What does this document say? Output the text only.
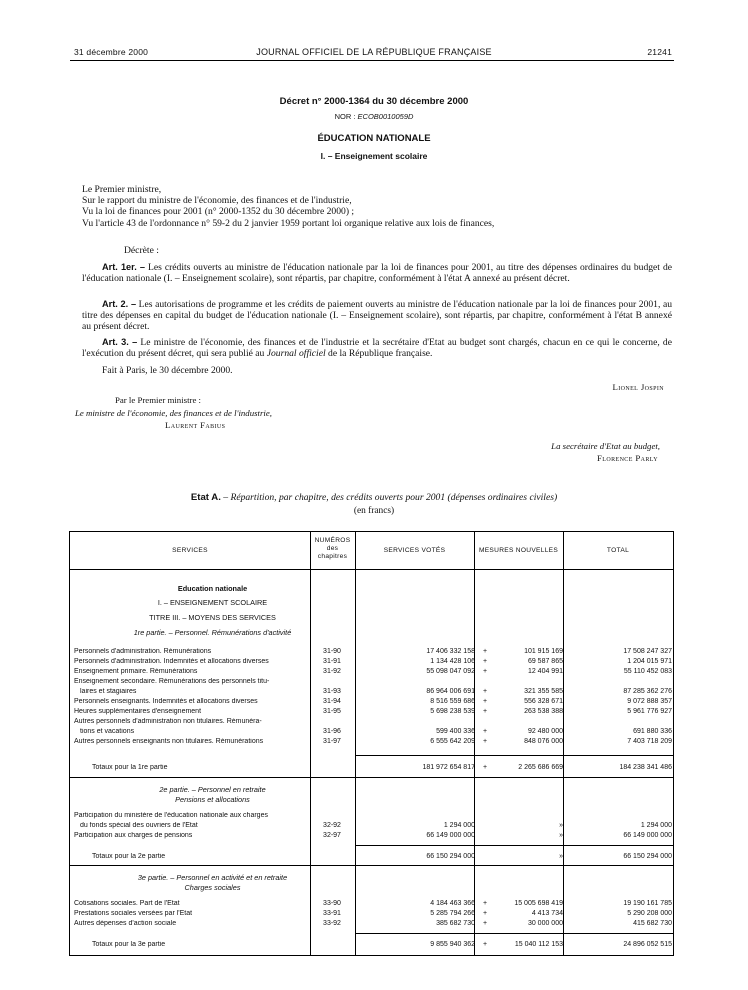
31 décembre 2000	JOURNAL OFFICIEL DE LA RÉPUBLIQUE FRANÇAISE	21241
Décret n° 2000-1364 du 30 décembre 2000
NOR : ECOB0010059D
ÉDUCATION NATIONALE
I. – Enseignement scolaire

Le Premier ministre,

Sur le rapport du ministre de l'économie, des finances et de l'industrie,

Vu la loi de finances pour 2001 (n° 2000-1352 du 30 décembre 2000) ;

Vu l'article 43 de l'ordonnance n° 59-2 du 2 janvier 1959 portant loi organique relative aux lois de finances,

Décrète :

Art. 1er. – Les crédits ouverts au ministre de l'éducation nationale par la loi de finances pour 2001, au titre des dépenses ordinaires du budget de l'éducation nationale (I. – Enseignement scolaire), sont répartis, par chapitre, conformément à l'état A annexé au présent décret.

Art. 2. – Les autorisations de programme et les crédits de paiement ouverts au ministre de l'éducation nationale par la loi de finances pour 2001, au titre des dépenses en capital du budget de l'éducation nationale (I. – Enseignement scolaire), sont répartis, par chapitre, conformément à l'état B annexé au présent décret.

Art. 3. – Le ministre de l'économie, des finances et de l'industrie et la secrétaire d'Etat au budget sont chargés, chacun en ce qui le concerne, de l'exécution du présent décret, qui sera publié au Journal officiel de la République française.

Fait à Paris, le 30 décembre 2000.
Lionel Jospin
Par le Premier ministre :
Le ministre de l'économie, des finances et de l'industrie,
Laurent Fabius
La secrétaire d'Etat au budget,
Florence Parly
Etat A. – Répartition, par chapitre, des crédits ouverts pour 2001 (dépenses ordinaires civiles)
(en francs)
SERVICES
NUMÉROS
des
chapitres
SERVICES VOTÉS	MESURES NOUVELLES	TOTAL
Education nationale
I. – ENSEIGNEMENT SCOLAIRE
TITRE III. – MOYENS DES SERVICES
1re partie. – Personnel. Rémunérations d'activité
Personnels d'administration. Rémunérations	31-90	17 406 332 158	+	101 915 169	17 508 247 327
Personnels d'administration. Indemnités et allocations diverses	31-91	1 134 428 106	+	69 587 865	1 204 015 971
Enseignement primaire. Rémunérations	31-92	55 098 047 092	+	12 404 991	55 110 452 083
Enseignement secondaire. Rémunérations des personnels titu-
laires et stagiaires	31-93	86 964 006 691	+	321 355 585	87 285 362 276
Personnels enseignants. Indemnités et allocations diverses	31-94	8 516 559 686	+	556 328 671	9 072 888 357
Heures supplémentaires d'enseignement	31-95	5 698 238 539	+	263 538 388	5 961 776 927
Autres personnels d'administration non titulaires. Rémunéra-
tions et vacations	31-96	599 400 336	+	92 480 000	691 880 336
Autres personnels enseignants non titulaires. Rémunérations	31-97	6 555 642 209	+	848 076 000	7 403 718 209
Totaux pour la 1re partie	181 972 654 817	+	2 265 686 669	184 238 341 486
2e partie. – Personnel en retraite
Pensions et allocations
Participation du ministère de l'éducation nationale aux charges
du fonds spécial des ouvriers de l'Etat	32-92	1 294 000	»	1 294 000
Participation aux charges de pensions	32-97	66 149 000 000	»	66 149 000 000
Totaux pour la 2e partie	66 150 294 000	»	66 150 294 000
3e partie. – Personnel en activité et en retraite
Charges sociales
Cotisations sociales. Part de l'Etat	33-90	4 184 463 366	+	15 005 698 419	19 190 161 785
Prestations sociales versées par l'Etat	33-91	5 285 794 266	+	4 413 734	5 290 208 000
Autres dépenses d'action sociale	33-92	385 682 730	+	30 000 000	415 682 730
Totaux pour la 3e partie	9 855 940 362	+	15 040 112 153	24 896 052 515
